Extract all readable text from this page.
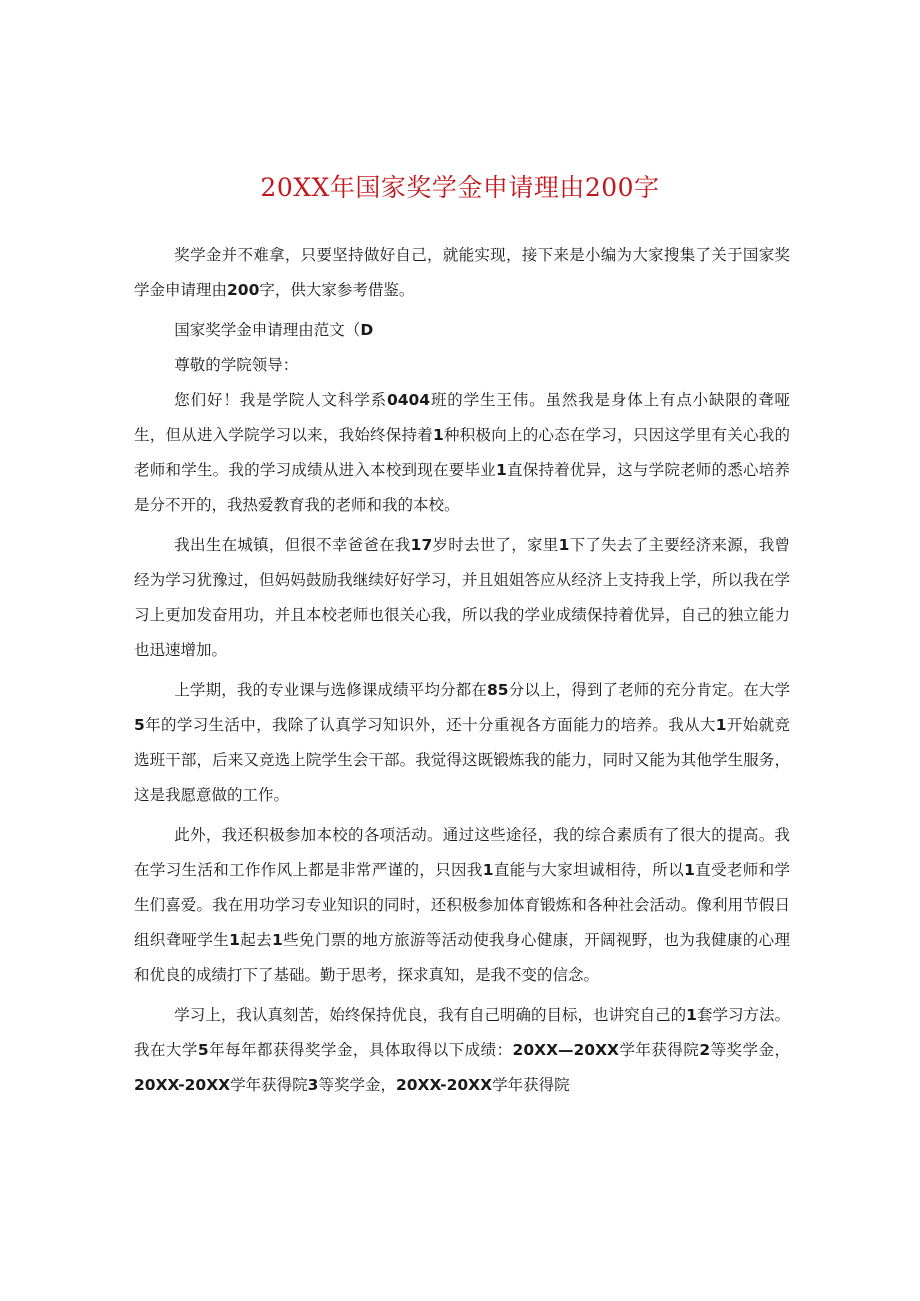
20XX年国家奖学金申请理由200字

奖学金并不难拿，只要坚持做好自己，就能实现，接下来是小编为大家搜集了关于国家奖学金申请理由200字，供大家参考借鉴。

国家奖学金申请理由范文（D

尊敬的学院领导：

您们好！我是学院人文科学系0404班的学生王伟。虽然我是身体上有点小缺限的聋哑生，但从进入学院学习以来，我始终保持着1种积极向上的心态在学习，只因这学里有关心我的老师和学生。我的学习成绩从进入本校到现在要毕业1直保持着优异，这与学院老师的悉心培养是分不开的，我热爱教育我的老师和我的本校。

我出生在城镇，但很不幸爸爸在我17岁时去世了，家里1下了失去了主要经济来源，我曾经为学习犹豫过，但妈妈鼓励我继续好好学习，并且姐姐答应从经济上支持我上学，所以我在学习上更加发奋用功，并且本校老师也很关心我，所以我的学业成绩保持着优异，自己的独立能力也迅速增加。

上学期，我的专业课与选修课成绩平均分都在85分以上，得到了老师的充分肯定。在大学5年的学习生活中，我除了认真学习知识外，还十分重视各方面能力的培养。我从大1开始就竞选班干部，后来又竞选上院学生会干部。我觉得这既锻炼我的能力，同时又能为其他学生服务，这是我愿意做的工作。

此外，我还积极参加本校的各项活动。通过这些途径，我的综合素质有了很大的提高。我在学习生活和工作作风上都是非常严谨的，只因我1直能与大家坦诚相待，所以1直受老师和学生们喜爱。我在用功学习专业知识的同时，还积极参加体育锻炼和各种社会活动。像利用节假日组织聋哑学生1起去1些免门票的地方旅游等活动使我身心健康，开阔视野，也为我健康的心理和优良的成绩打下了基础。勤于思考，探求真知，是我不变的信念。

学习上，我认真刻苦，始终保持优良，我有自己明确的目标，也讲究自己的1套学习方法。我在大学5年每年都获得奖学金，具体取得以下成绩：20XX—20XX学年获得院2等奖学金，20XX-20XX学年获得院3等奖学金，20XX-20XX学年获得院
